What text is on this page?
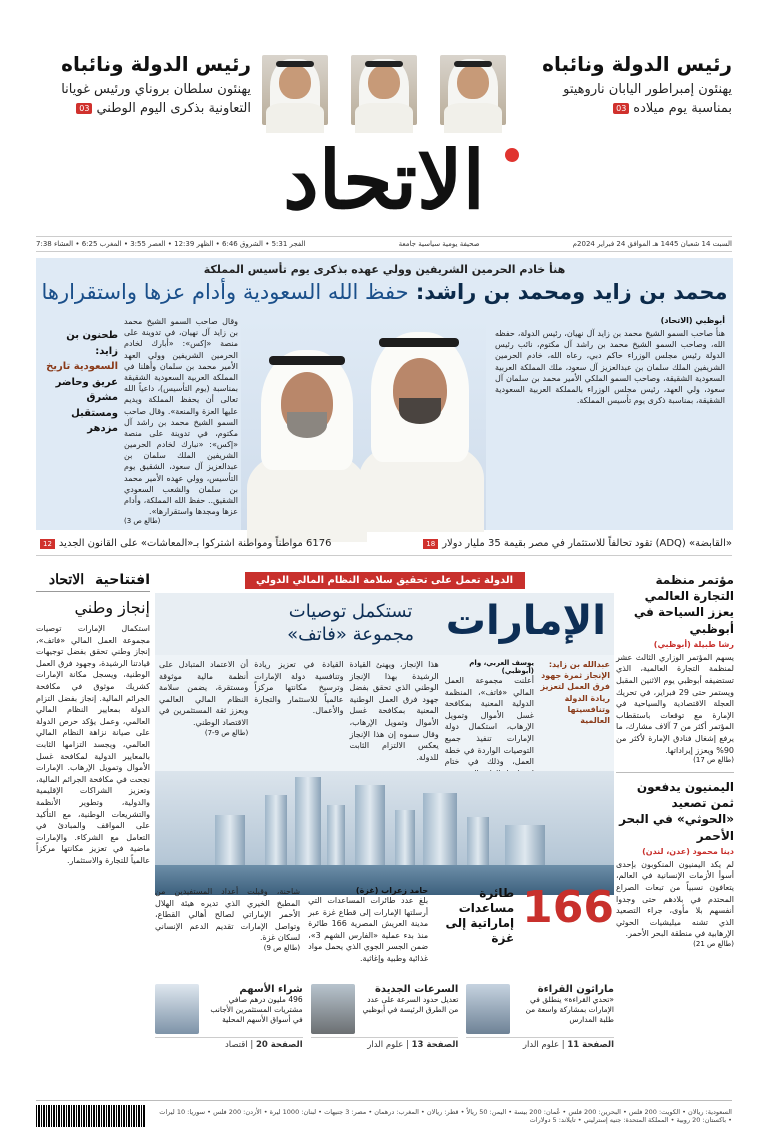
رئيس الدولة ونائباه
يهنئون إمبراطور اليابان ناروهيتو
بمناسبة يوم ميلاده03
رئيس الدولة ونائباه
يهنئون سلطان بروناي ورئيس غويانا
التعاونية بذكرى اليوم الوطني03
الاتحاد
السبت 14 شعبان 1445 هـ الموافق 24 فبراير 2024م
صحيفة يومية سياسية جامعة
الفجر 5:31 • الشروق 6:46 • الظهر 12:39 • العصر 3:55 • المغرب 6:25 • العشاء 7:38
هنأ خادم الحرمين الشريفين وولي عهده بذكرى يوم تأسيس المملكة
محمد بن زايد ومحمد بن راشد: حفظ الله السعودية وأدام عزها واستقرارها
أبوظبي (الاتحاد)
هنأ صاحب السمو الشيخ محمد بن زايد آل نهيان، رئيس الدولة، حفظه الله، وصاحب السمو الشيخ محمد بن راشد آل مكتوم، نائب رئيس الدولة رئيس مجلس الوزراء حاكم دبي، رعاه الله، خادم الحرمين الشريفين الملك سلمان بن عبدالعزيز آل سعود، ملك المملكة العربية السعودية الشقيقة، وصاحب السمو الملكي الأمير محمد بن سلمان آل سعود، ولي العهد، رئيس مجلس الوزراء بالمملكة العربية السعودية الشقيقة، بمناسبة ذكرى يوم تأسيس المملكة.
وقال صاحب السمو الشيخ محمد بن زايد آل نهيان، في تدوينة على منصة «إكس»: «أبارك لخادم الحرمين الشريفين وولي العهد الأمير محمد بن سلمان وأهلنا في المملكة العربية السعودية الشقيقة بمناسبة (يوم التأسيس)، داعياً الله تعالى أن يحفظ المملكة ويديم عليها العزة والمنعة». وقال صاحب السمو الشيخ محمد بن راشد آل مكتوم، في تدوينة على منصة «إكس»: «نبارك لخادم الحرمين الشريفين الملك سلمان بن عبدالعزيز آل سعود، الشقيق يوم التأسيس، وولي عهده الأمير محمد بن سلمان والشعب السعودي الشقيق.. حفظ الله المملكة، وأدام عزها ومجدها واستقرارها».
(طالع ص 3)
طحنون بن زايد:
السعودية تاريخ
عريق وحاضر
مشرق
ومستقبل
مزدهر
«القابضة» (ADQ) تقود تحالفاً للاستثمار في مصر بقيمة 35 مليار دولار18
6176 مواطناً ومواطنة اشتركوا بـ«المعاشات» على القانون الجديد12
مؤتمر منظمة التجارة العالمي يعزز السياحة في أبوظبي
رشا طبيلة (أبوظبي)
يسهم المؤتمر الوزاري الثالث عشر لمنظمة التجارة العالمية، الذي تستضيفه أبوظبي يوم الاثنين المقبل ويستمر حتى 29 فبراير، في تحريك العجلة الاقتصادية والسياحية في الإمارة مع توقعات باستقطاب المؤتمر أكثر من 7 آلاف مشارك، ما يرفع إشغال فنادق الإمارة لأكثر من 90% ويعزز إيراداتها.
(طالع ص 17)
اليمنيون يدفعون ثمن تصعيد «الحوثي» في البحر الأحمر
دينا محمود (عدن، لندن)
لم يكد اليمنيون المنكوبون بإحدى أسوأ الأزمات الإنسانية في العالم، يتعافون نسبياً من تبعات الصراع المحتدم في بلادهم حتى وجدوا أنفسهم بلا مأوى، جراء التصعيد الذي تشنه ميليشيات الحوثي الإرهابية في منطقة البحر الأحمر.
(طالع ص 21)
افتتاحية الاتحاد
إنجاز وطني
استكمال الإمارات توصيات مجموعة العمل المالي «فاتف»، إنجاز وطني تحقق بفضل توجيهات قيادتنا الرشيدة، وجهود فرق العمل الوطنية، ويسجل مكانة الإمارات كشريك موثوق في مكافحة الجرائم المالية. إنجاز بفضل التزام الدولة بمعايير النظام المالي العالمي، وعمل يؤكد حرص الدولة على صيانة نزاهة النظام المالي العالمي، ويجسد التزامها الثابت بالمعايير الدولية لمكافحة غسل الأموال وتمويل الإرهاب. الإمارات نجحت في مكافحة الجرائم المالية، وتعزيز الشراكات الإقليمية والدولية، وتطوير الأنظمة والتشريعات الوطنية، مع التأكيد على المواقف والمبادئ في التعامل مع الشركاء. والإمارات ماضية في تعزيز مكانتها مركزاً عالمياً للتجارة والاستثمار.
الدولة تعمل على تحقيق سلامة النظام المالي الدولي
الإمارات
تستكمل توصيات
مجموعة «فاتف»
عبدالله بن زايد: الإنجاز ثمرة جهود فرق العمل لتعزيز ريادة الدولة وتنافسيتها العالمية
يوسف العربي، وام (أبوظبي)
أعلنت مجموعة العمل المالي «فاتف»، المنظمة الدولية المعنية بمكافحة غسل الأموال وتمويل الإرهاب، استكمال دولة الإمارات تنفيذ جميع التوصيات الواردة في خطة العمل، وذلك في ختام
هذا الإنجاز، ويهنئ القيادة الرشيدة بهذا الإنجاز الوطني الذي تحقق بفضل جهود فرق العمل الوطنية المعنية بمكافحة غسل الأموال وتمويل الإرهاب، وقال سموه إن هذا الإنجاز يعكس الالتزام الثابت للدولة.
القيادة في تعزيز ريادة وتنافسية دولة الإمارات وترسيخ مكانتها مركزاً عالمياً للاستثمار والتجارة والأعمال.
أن الاعتماد المتبادل على أنظمة مالية موثوقة ومستقرة، يضمن سلامة النظام المالي العالمي ويعزز ثقة المستثمرين في الاقتصاد الوطني.
(طالع ص 9-7)
166
طائرة مساعدات إماراتية إلى غزة
حامد زعراب (غزة)
بلغ عدد طائرات المساعدات التي أرسلتها الإمارات إلى قطاع غزة عبر مدينة العريش المصرية 166 طائرة منذ بدء عملية «الفارس الشهم 3»، ضمن الجسر الجوي الذي يحمل مواد غذائية وطبية وإغاثية.
شاحنة، وقبلت أعداد المستفيدين من المطبخ الخيري الذي تديره هيئة الهلال الأحمر الإماراتي لصالح أهالي القطاع، وتواصل الإمارات تقديم الدعم الإنساني لسكان غزة.
(طالع ص 9)
ماراثون القراءة
«تحدي القراءة» ينطلق في الإمارات بمشاركة واسعة من طلبة المدارس
الصفحة 11 | علوم الدار
السرعات الجديدة
تعديل حدود السرعة على عدد من الطرق الرئيسة في أبوظبي
الصفحة 13 | علوم الدار
شراء الأسهم
496 مليون درهم صافي مشتريات المستثمرين الأجانب في أسواق الأسهم المحلية
الصفحة 20 | اقتصاد
السعودية: ريالان • الكويت: 200 فلس • البحرين: 200 فلس • عُمان: 200 بيسة • اليمن: 50 ريالاً • قطر: ريالان • المغرب: درهمان • مصر: 3 جنيهات • لبنان: 1000 ليرة • الأردن: 200 فلس • سوريا: 10 ليرات • باكستان: 20 روبية • المملكة المتحدة: جنيه إسترليني • تايلاند: 5 دولارات
